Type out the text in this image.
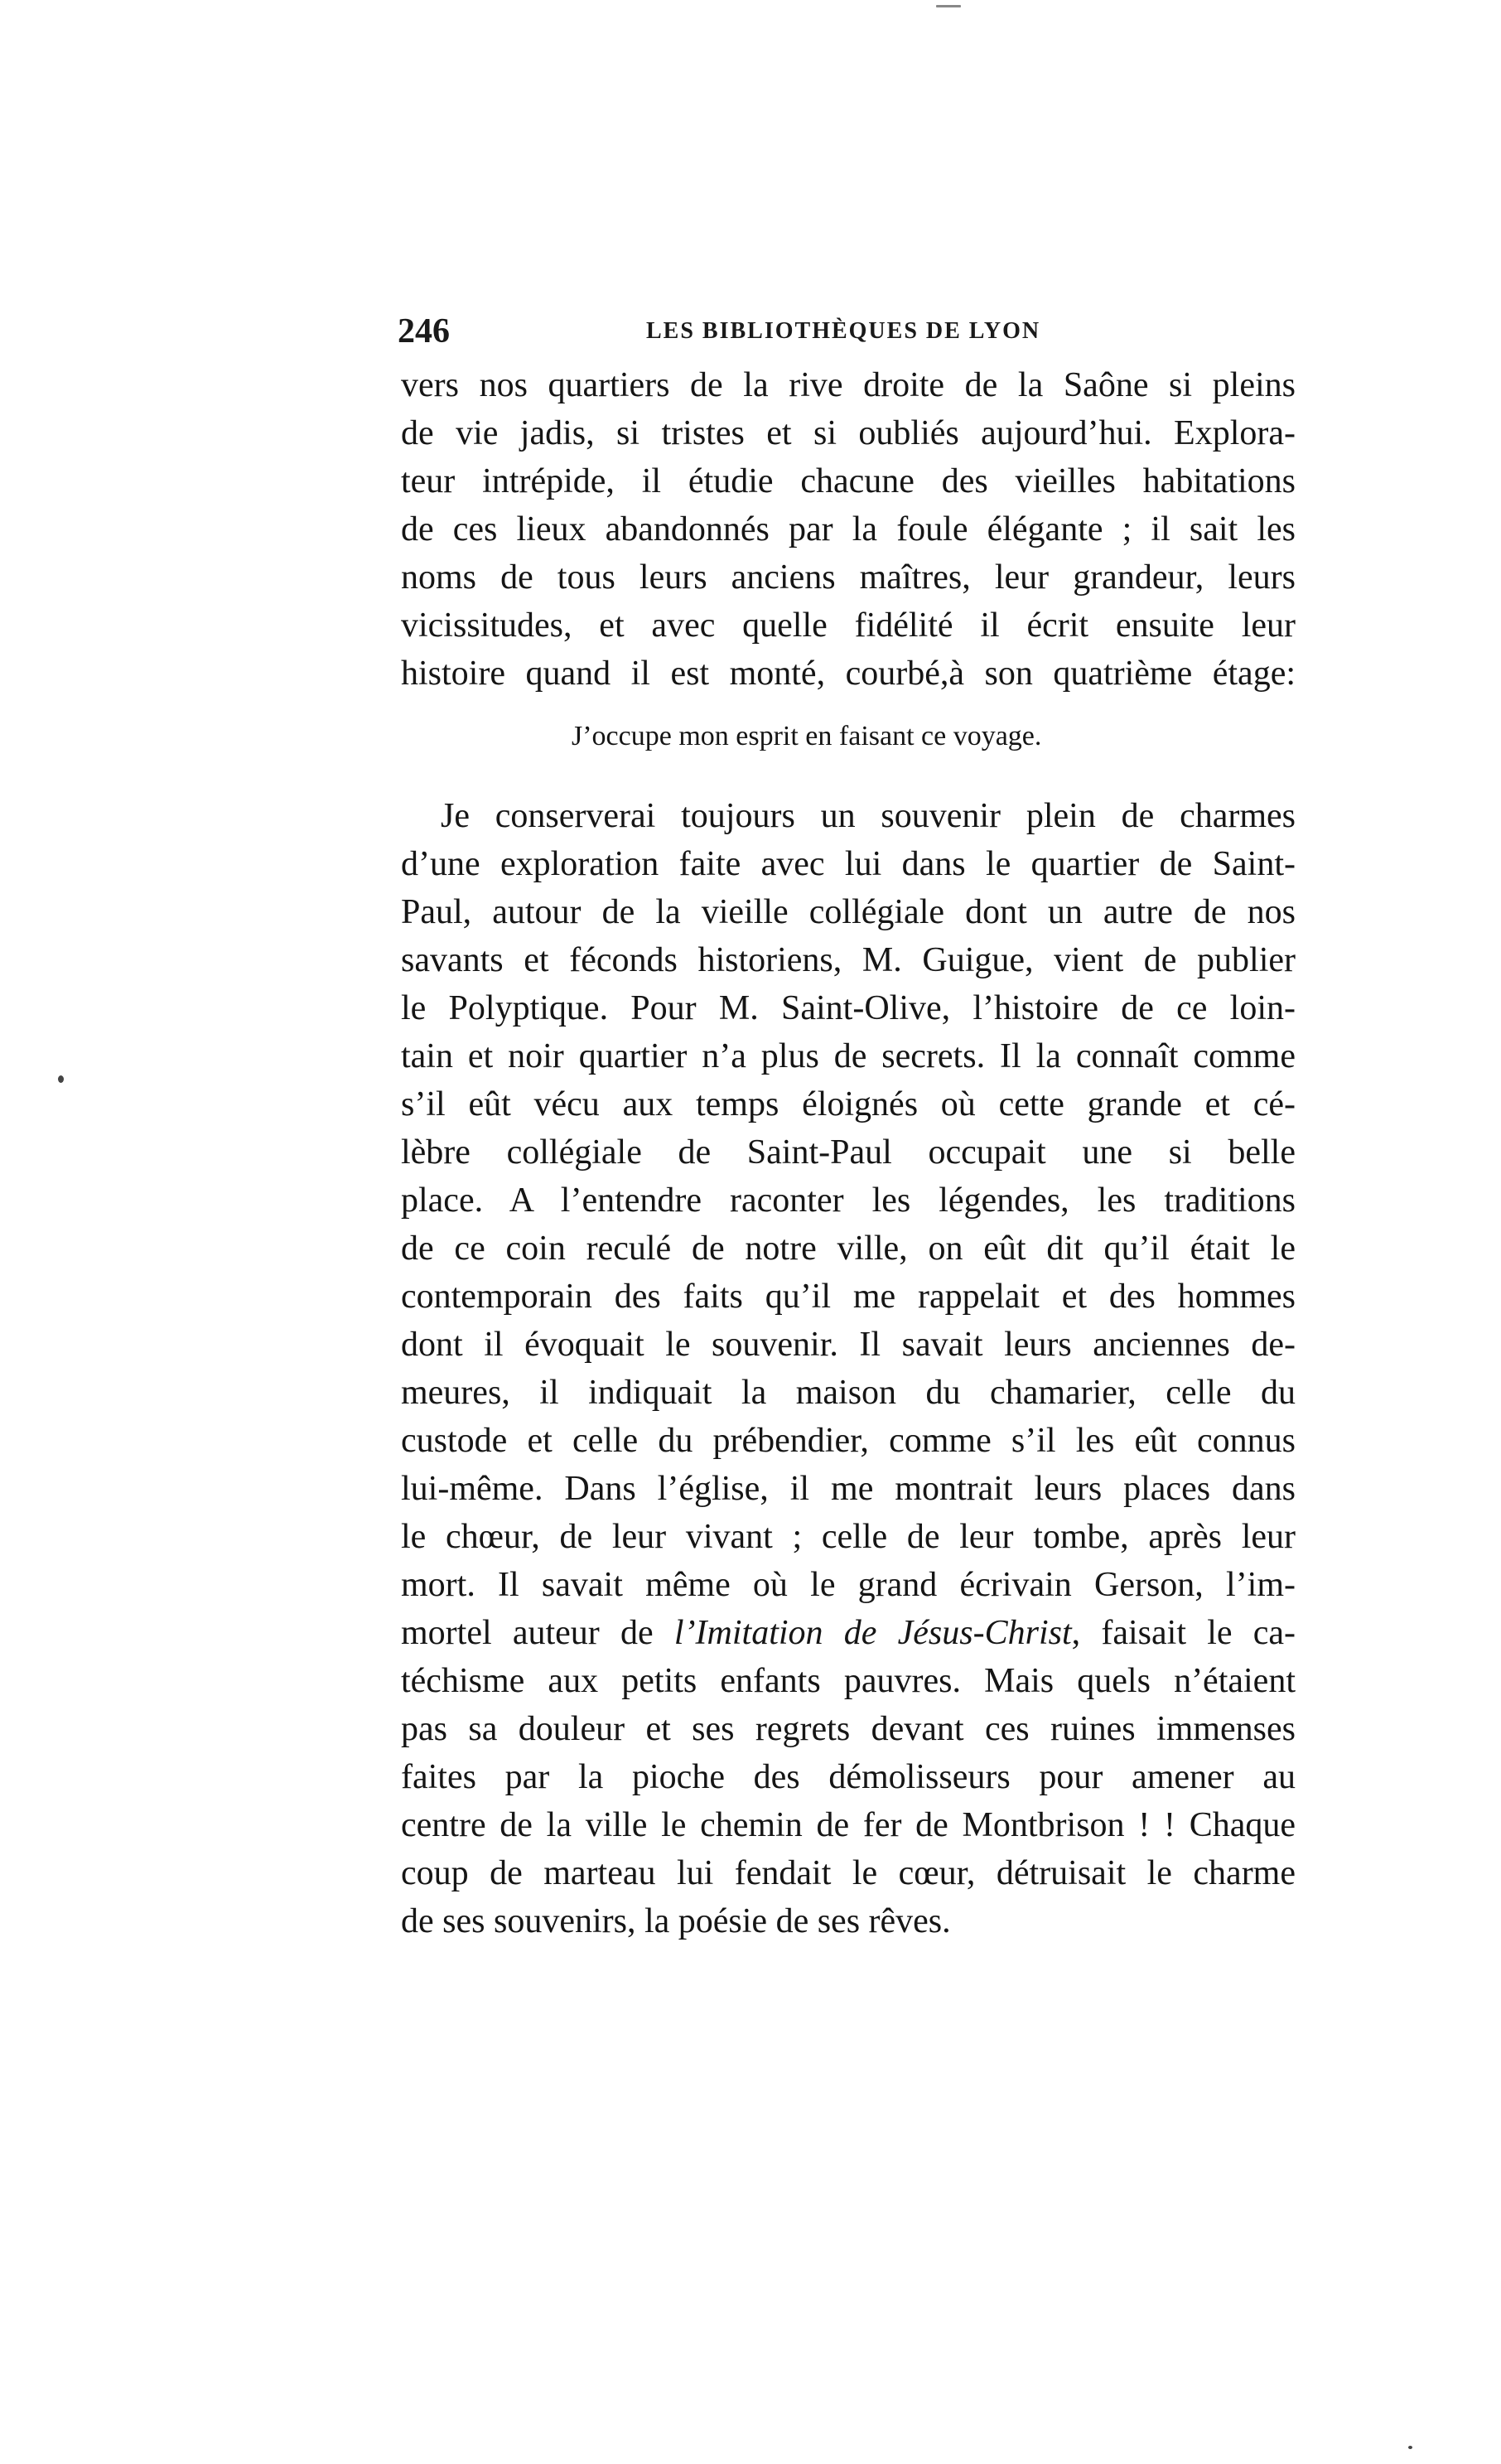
246	LES BIBLIOTHÈQUES DE LYON
vers nos quartiers de la rive droite de la Saône si pleins
de vie jadis, si tristes et si oubliés aujourd’hui. Explora-
teur intrépide, il étudie chacune des vieilles habitations
de ces lieux abandonnés par la foule élégante ; il sait les
noms de tous leurs anciens maîtres, leur grandeur, leurs
vicissitudes, et avec quelle fidélité il écrit ensuite leur
histoire quand il est monté, courbé,à son quatrième étage:
J’occupe mon esprit en faisant ce voyage.
Je conserverai toujours un souvenir plein de charmes
d’une exploration faite avec lui dans le quartier de Saint-
Paul, autour de la vieille collégiale dont un autre de nos
savants et féconds historiens, M. Guigue, vient de publier
le Polyptique. Pour M. Saint-Olive, l’histoire de ce loin-
tain et noir quartier n’a plus de secrets. Il la connaît comme
s’il eût vécu aux temps éloignés où cette grande et cé-
lèbre collégiale de Saint-Paul occupait une si belle
place. A l’entendre raconter les légendes, les traditions
de ce coin reculé de notre ville, on eût dit qu’il était le
contemporain des faits qu’il me rappelait et des hommes
dont il évoquait le souvenir. Il savait leurs anciennes de-
meures, il indiquait la maison du chamarier, celle du
custode et celle du prébendier, comme s’il les eût connus
lui-même. Dans l’église, il me montrait leurs places dans
le chœur, de leur vivant ; celle de leur tombe, après leur
mort. Il savait même où le grand écrivain Gerson, l’im-
mortel auteur de l’Imitation de Jésus-Christ, faisait le ca-
téchisme aux petits enfants pauvres. Mais quels n’étaient
pas sa douleur et ses regrets devant ces ruines immenses
faites par la pioche des démolisseurs pour amener au
centre de la ville le chemin de fer de Montbrison ! ! Chaque
coup de marteau lui fendait le cœur, détruisait le charme
de ses souvenirs, la poésie de ses rêves.
